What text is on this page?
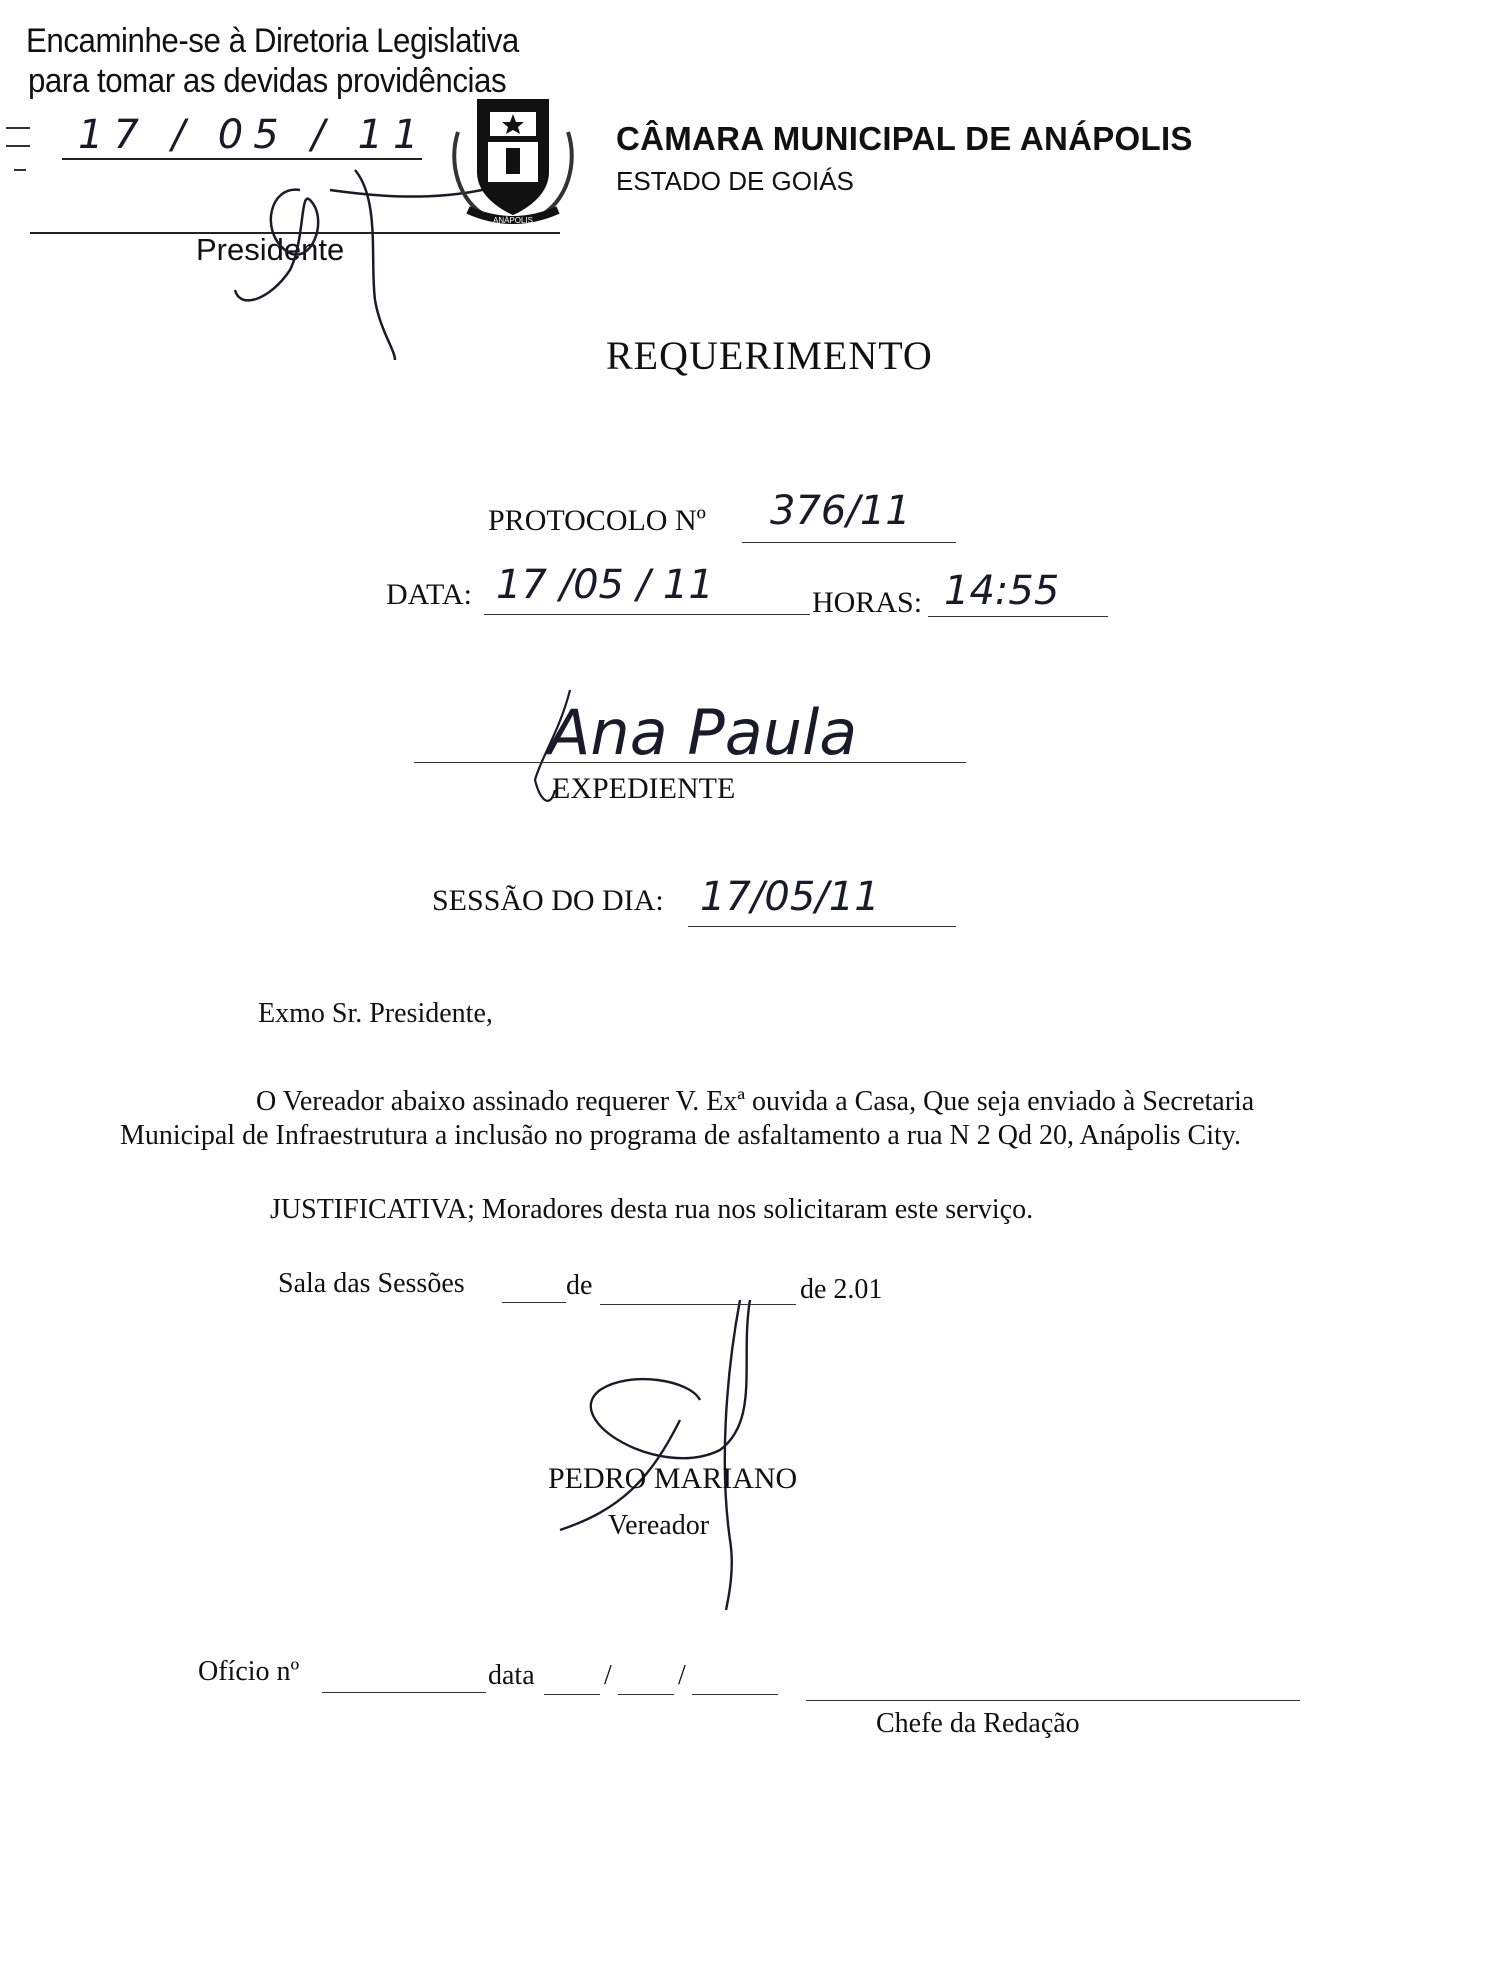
Encaminhe-se à Diretoria Legislativa
para tomar as devidas providências
17 / 05 / 11
Presidente
ANÁPOLIS
CÂMARA MUNICIPAL DE ANÁPOLIS
ESTADO DE GOIÁS
REQUERIMENTO
PROTOCOLO Nº 376/11
DATA: 17 /05 / 11	HORAS: 14:55
Ana Paula
EXPEDIENTE
SESSÃO DO DIA: 17/05/11
Exmo Sr. Presidente,
O Vereador abaixo assinado requerer V. Exª ouvida a Casa, Que seja enviado à Secretaria
Municipal de Infraestrutura a inclusão no programa de asfaltamento a rua N 2 Qd 20, Anápolis City.
JUSTIFICATIVA; Moradores desta rua nos solicitaram este serviço.
Sala das Sessões	de	de 2.01
PEDRO MARIANO
Vereador
Ofício nº	data / /
Chefe da Redação
